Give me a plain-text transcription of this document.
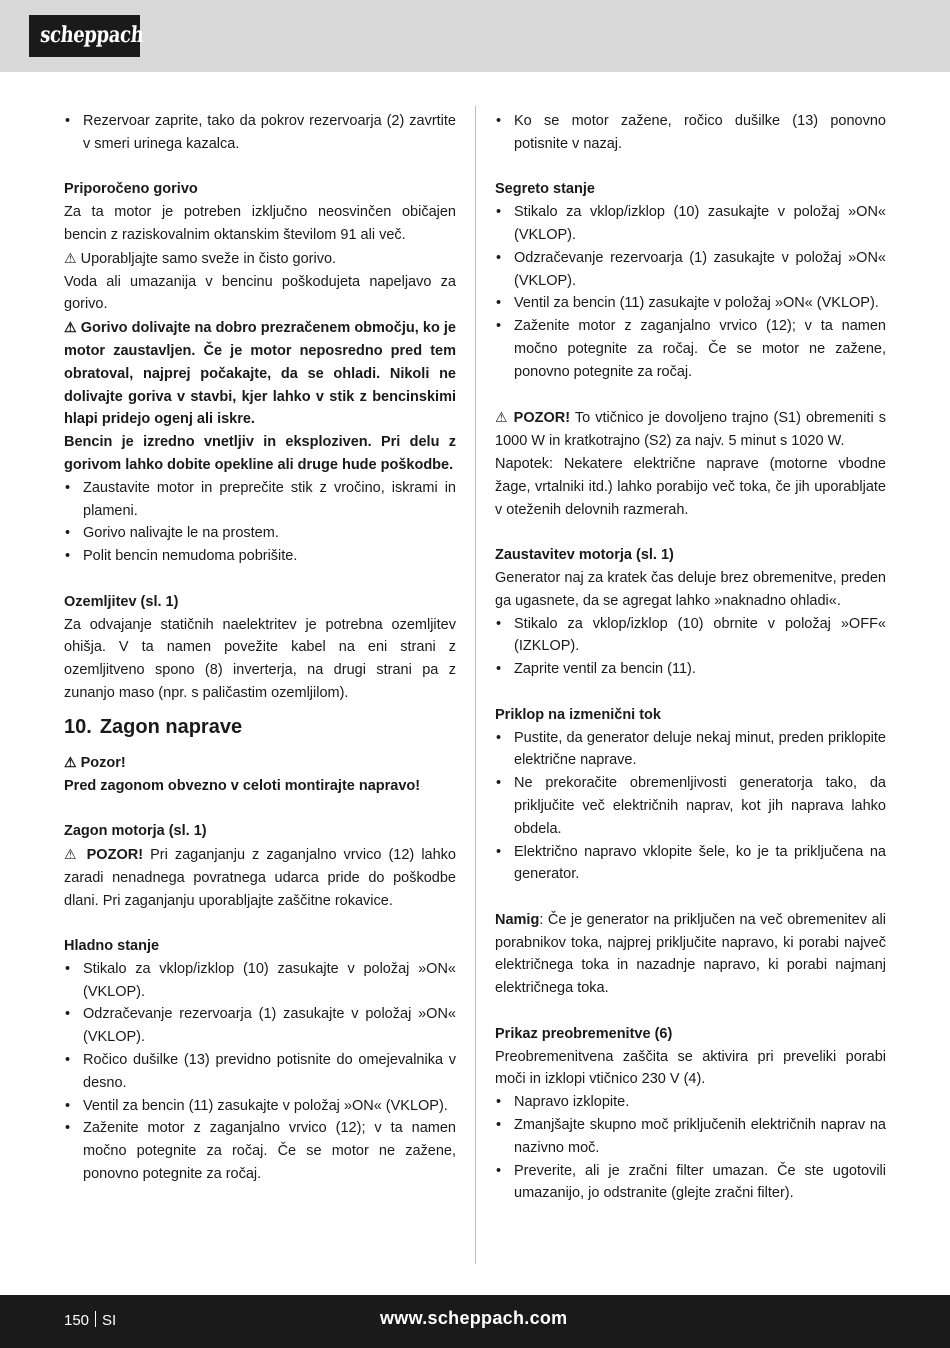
scheppach
• Rezervoar zaprite, tako da pokrov rezervoarja (2) zavrtite v smeri urinega kazalca.

Priporočeno gorivo

Za ta motor je potreben izključno neosvinčen običajen bencin z raziskovalnim oktanskim številom 91 ali več.

⚠ Uporabljajte samo sveže in čisto gorivo.

Voda ali umazanija v bencinu poškodujeta napeljavo za gorivo.

⚠ Gorivo dolivajte na dobro prezračenem območju, ko je motor zaustavljen. Če je motor neposredno pred tem obratoval, najprej počakajte, da se ohladi. Nikoli ne dolivajte goriva v stavbi, kjer lahko v stik z bencinskimi hlapi pridejo ogenj ali iskre.

Bencin je izredno vnetljiv in eksploziven. Pri delu z gorivom lahko dobite opekline ali druge hude poškodbe.

• Zaustavite motor in preprečite stik z vročino, iskrami in plameni.
• Gorivo nalivajte le na prostem.
• Polit bencin nemudoma pobrišite.

Ozemljitev (sl. 1)

Za odvajanje statičnih naelektritev je potrebna ozemljitev ohišja. V ta namen povežite kabel na eni strani z ozemljitveno spono (8) inverterja, na drugi strani pa z zunanjo maso (npr. s paličastim ozemljilom).

10. Zagon naprave

⚠ Pozor!

Pred zagonom obvezno v celoti montirajte napravo!

Zagon motorja (sl. 1)

⚠ POZOR! Pri zaganjanju z zaganjalno vrvico (12) lahko zaradi nenadnega povratnega udarca pride do poškodbe dlani. Pri zaganjanju uporabljajte zaščitne rokavice.

Hladno stanje

• Stikalo za vklop/izklop (10) zasukajte v položaj »ON« (VKLOP).
• Odzračevanje rezervoarja (1) zasukajte v položaj »ON« (VKLOP).
• Ročico dušilke (13) previdno potisnite do omejevalnika v desno.
• Ventil za bencin (11) zasukajte v položaj »ON« (VKLOP).
• Zaženite motor z zaganjalno vrvico (12); v ta namen močno potegnite za ročaj. Če se motor ne zažene, ponovno potegnite za ročaj.
• Ko se motor zažene, ročico dušilke (13) ponovno potisnite v nazaj.

Segreto stanje

• Stikalo za vklop/izklop (10) zasukajte v položaj »ON« (VKLOP).
• Odzračevanje rezervoarja (1) zasukajte v položaj »ON« (VKLOP).
• Ventil za bencin (11) zasukajte v položaj »ON« (VKLOP).
• Zaženite motor z zaganjalno vrvico (12); v ta namen močno potegnite za ročaj. Če se motor ne zažene, ponovno potegnite za ročaj.

⚠ POZOR! To vtičnico je dovoljeno trajno (S1) obremeniti s 1000 W in kratkotrajno (S2) za najv. 5 minut s 1020 W.

Napotek: Nekatere električne naprave (motorne vbodne žage, vrtalniki itd.) lahko porabijo več toka, če jih uporabljate v oteženih delovnih razmerah.

Zaustavitev motorja (sl. 1)

Generator naj za kratek čas deluje brez obremenitve, preden ga ugasnete, da se agregat lahko »naknadno ohladi«.

• Stikalo za vklop/izklop (10) obrnite v položaj »OFF« (IZKLOP).
• Zaprite ventil za bencin (11).

Priklop na izmenični tok

• Pustite, da generator deluje nekaj minut, preden priklopite električne naprave.
• Ne prekoračite obremenljivosti generatorja tako, da priključite več električnih naprav, kot jih naprava lahko obdela.
• Električno napravo vklopite šele, ko je ta priključena na generator.

Namig: Če je generator na priključen na več obremenitev ali porabnikov toka, najprej priključite napravo, ki porabi največ električnega toka in nazadnje napravo, ki porabi najmanj električnega toka.

Prikaz preobremenitve (6)

Preobremenitvena zaščita se aktivira pri preveliki porabi moči in izklopi vtičnico 230 V (4).

• Napravo izklopite.
• Zmanjšajte skupno moč priključenih električnih naprav na nazivno moč.
• Preverite, ali je zračni filter umazan. Če ste ugotovili umazanijo, jo odstranite (glejte zračni filter).
150 SI	www.scheppach.com
